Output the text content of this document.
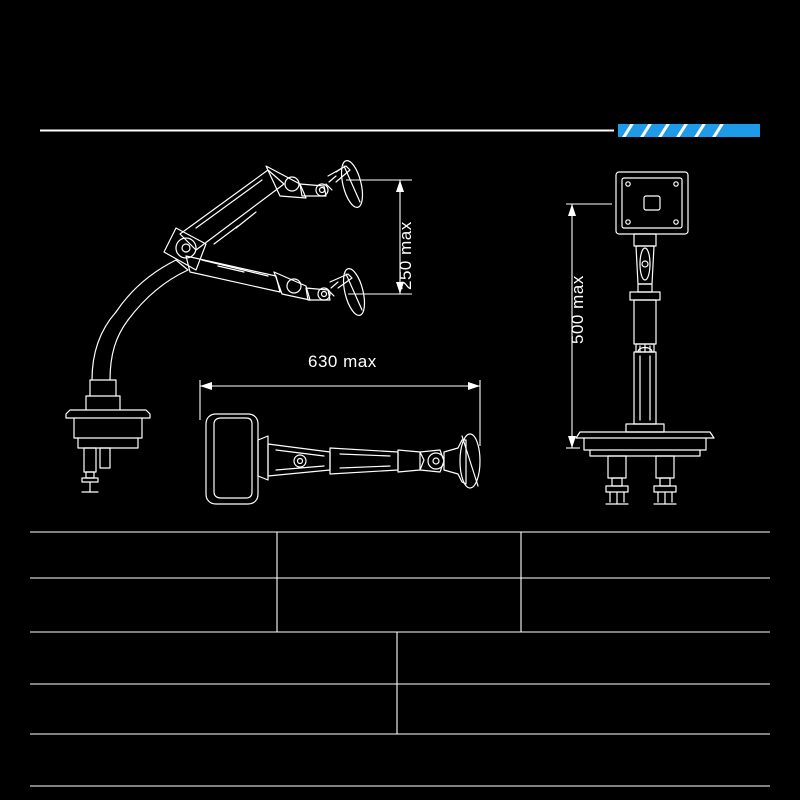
250 max
630 max
500 max
